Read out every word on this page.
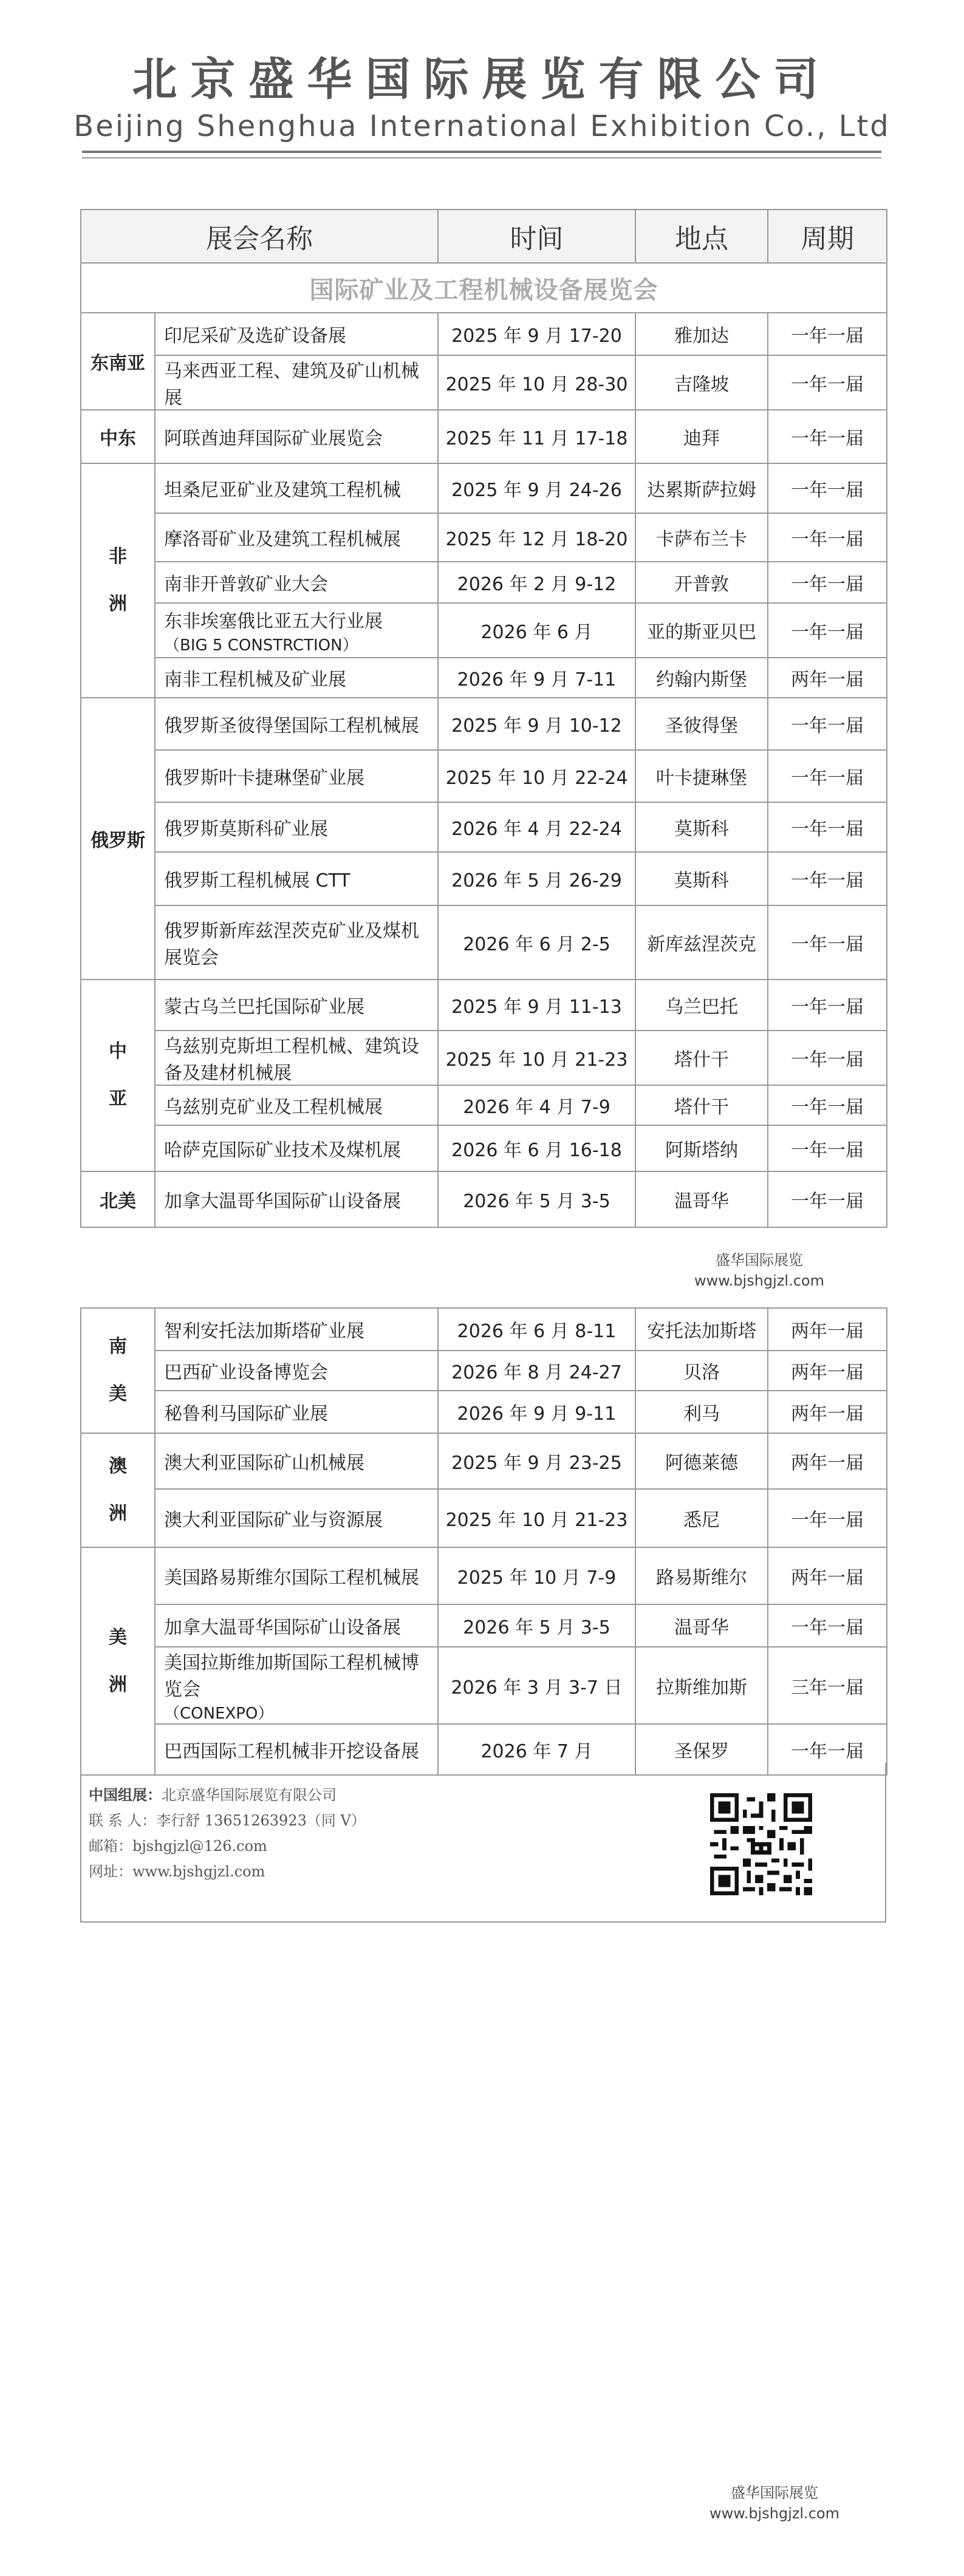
北京盛华国际展览有限公司
Beijing Shenghua International Exhibition Co., Ltd
展会名称		时间	地点	周期
国际矿业及工程机械设备展览会				
东南亚	印尼采矿及选矿设备展	2025 年 9 月 17-20	雅加达	一年一届

	马来西亚工程、建筑及矿山机械展	2025 年 10 月 28-30	吉隆坡	一年一届
中东	阿联酋迪拜国际矿业展览会	2025 年 11 月 17-18	迪拜	一年一届
非
洲	坦桑尼亚矿业及建筑工程机械	2025 年 9 月 24-26	达累斯萨拉姆	一年一届

	摩洛哥矿业及建筑工程机械展	2025 年 12 月 18-20	卡萨布兰卡	一年一届

	南非开普敦矿业大会	2026 年 2 月 9-12	开普敦	一年一届

	东非埃塞俄比亚五大行业展
（BIG 5 CONSTRCTION）	2026 年 6 月	亚的斯亚贝巴	一年一届

	南非工程机械及矿业展	2026 年 9 月 7-11	约翰内斯堡	两年一届
俄罗斯	俄罗斯圣彼得堡国际工程机械展	2025 年 9 月 10-12	圣彼得堡	一年一届

	俄罗斯叶卡捷琳堡矿业展	2025 年 10 月 22-24	叶卡捷琳堡	一年一届

	俄罗斯莫斯科矿业展	2026 年 4 月 22-24	莫斯科	一年一届

	俄罗斯工程机械展 CTT	2026 年 5 月 26-29	莫斯科	一年一届

	俄罗斯新库兹涅茨克矿业及煤机展览会	2026 年 6 月 2-5	新库兹涅茨克	一年一届
中
亚	蒙古乌兰巴托国际矿业展	2025 年 9 月 11-13	乌兰巴托	一年一届

	乌兹别克斯坦工程机械、建筑设备及建材机械展	2025 年 10 月 21-23	塔什干	一年一届

	乌兹别克矿业及工程机械展	2026 年 4 月 7-9	塔什干	一年一届

	哈萨克国际矿业技术及煤机展	2026 年 6 月 16-18	阿斯塔纳	一年一届
北美	加拿大温哥华国际矿山设备展	2026 年 5 月 3-5	温哥华	一年一届
盛华国际展览
www.bjshgjzl.com
南
美	智利安托法加斯塔矿业展	2026 年 6 月 8-11	安托法加斯塔	两年一届

	巴西矿业设备博览会	2026 年 8 月 24-27	贝洛	两年一届

	秘鲁利马国际矿业展	2026 年 9 月 9-11	利马	两年一届
澳
洲	澳大利亚国际矿山机械展	2025 年 9 月 23-25	阿德莱德	两年一届

	澳大利亚国际矿业与资源展	2025 年 10 月 21-23	悉尼	一年一届
美
洲	美国路易斯维尔国际工程机械展	2025 年 10 月 7-9	路易斯维尔	两年一届

	加拿大温哥华国际矿山设备展	2026 年 5 月 3-5	温哥华	一年一届

	美国拉斯维加斯国际工程机械博览会
（CONEXPO）	2026 年 3 月 3-7 日	拉斯维加斯	三年一届

	巴西国际工程机械非开挖设备展	2026 年 7 月	圣保罗	一年一届
中国组展：北京盛华国际展览有限公司
联 系 人：李行舒 13651263923（同 V）
邮箱：bjshgjzl@126.com
网址：www.bjshgjzl.com
盛华国际展览
www.bjshgjzl.com
